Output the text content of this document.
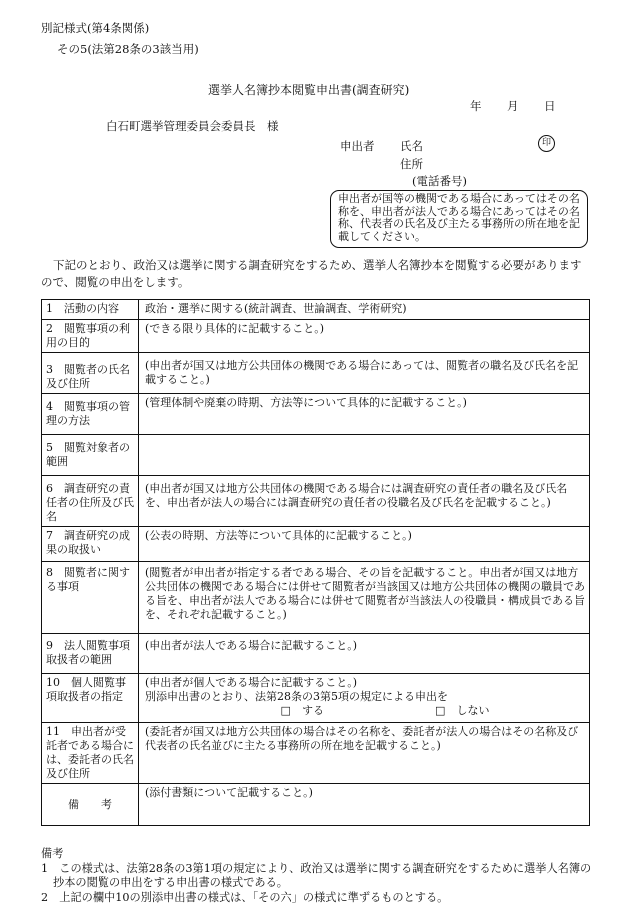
別記様式(第4条関係)
その5(法第28条の3該当用)
選挙人名簿抄本閲覧申出書(調査研究)
年 月 日
白石町選挙管理委員会委員長　様
申出者 氏名	印
住所
(電話番号)
申出者が国等の機関である場合にあってはその名称を、申出者が法人である場合にあってはその名称、代表者の氏名及び主たる事務所の所在地を記載してください。
下記のとおり、政治又は選挙に関する調査研究をするため、選挙人名簿抄本を閲覧する必要がありますので、閲覧の申出をします。
1　活動の内容	政治・選挙に関する(統計調査、世論調査、学術研究)
2　閲覧事項の利用の目的	(できる限り具体的に記載すること。)
3　閲覧者の氏名及び住所	(申出者が国又は地方公共団体の機関である場合にあっては、閲覧者の職名及び氏名を記載すること。)
4　閲覧事項の管理の方法	(管理体制や廃棄の時期、方法等について具体的に記載すること。)
5　閲覧対象者の範囲	
6　調査研究の責任者の住所及び氏名	(申出者が国又は地方公共団体の機関である場合には調査研究の責任者の職名及び氏名を、申出者が法人の場合には調査研究の責任者の役職名及び氏名を記載すること。)
7　調査研究の成果の取扱い	(公表の時期、方法等について具体的に記載すること。)
8　閲覧者に関する事項	(閲覧者が申出者が指定する者である場合、その旨を記載すること。申出者が国又は地方公共団体の機関である場合には併せて閲覧者が当該国又は地方公共団体の機関の職員である旨を、申出者が法人である場合には併せて閲覧者が当該法人の役職員・構成員である旨を、それぞれ記載すること。)
9　法人閲覧事項取扱者の範囲	(申出者が法人である場合に記載すること。)
10　個人閲覧事項取扱者の指定	(申出者が個人である場合に記載すること。)
別添申出書のとおり、法第28条の3第5項の規定による申出を
□　する □　しない

11　申出者が受託者である場合には、委託者の氏名及び住所	(委託者が国又は地方公共団体の場合はその名称を、委託者が法人の場合はその名称及び代表者の氏名並びに主たる事務所の所在地を記載すること。)
備　　考	(添付書類について記載すること。)
備考
1　この様式は、法第28条の3第1項の規定により、政治又は選挙に関する調査研究をするために選挙人名簿の抄本の閲覧の申出をする申出書の様式である。
2　上記の欄中10の別添申出書の様式は、「その六」の様式に準ずるものとする。
